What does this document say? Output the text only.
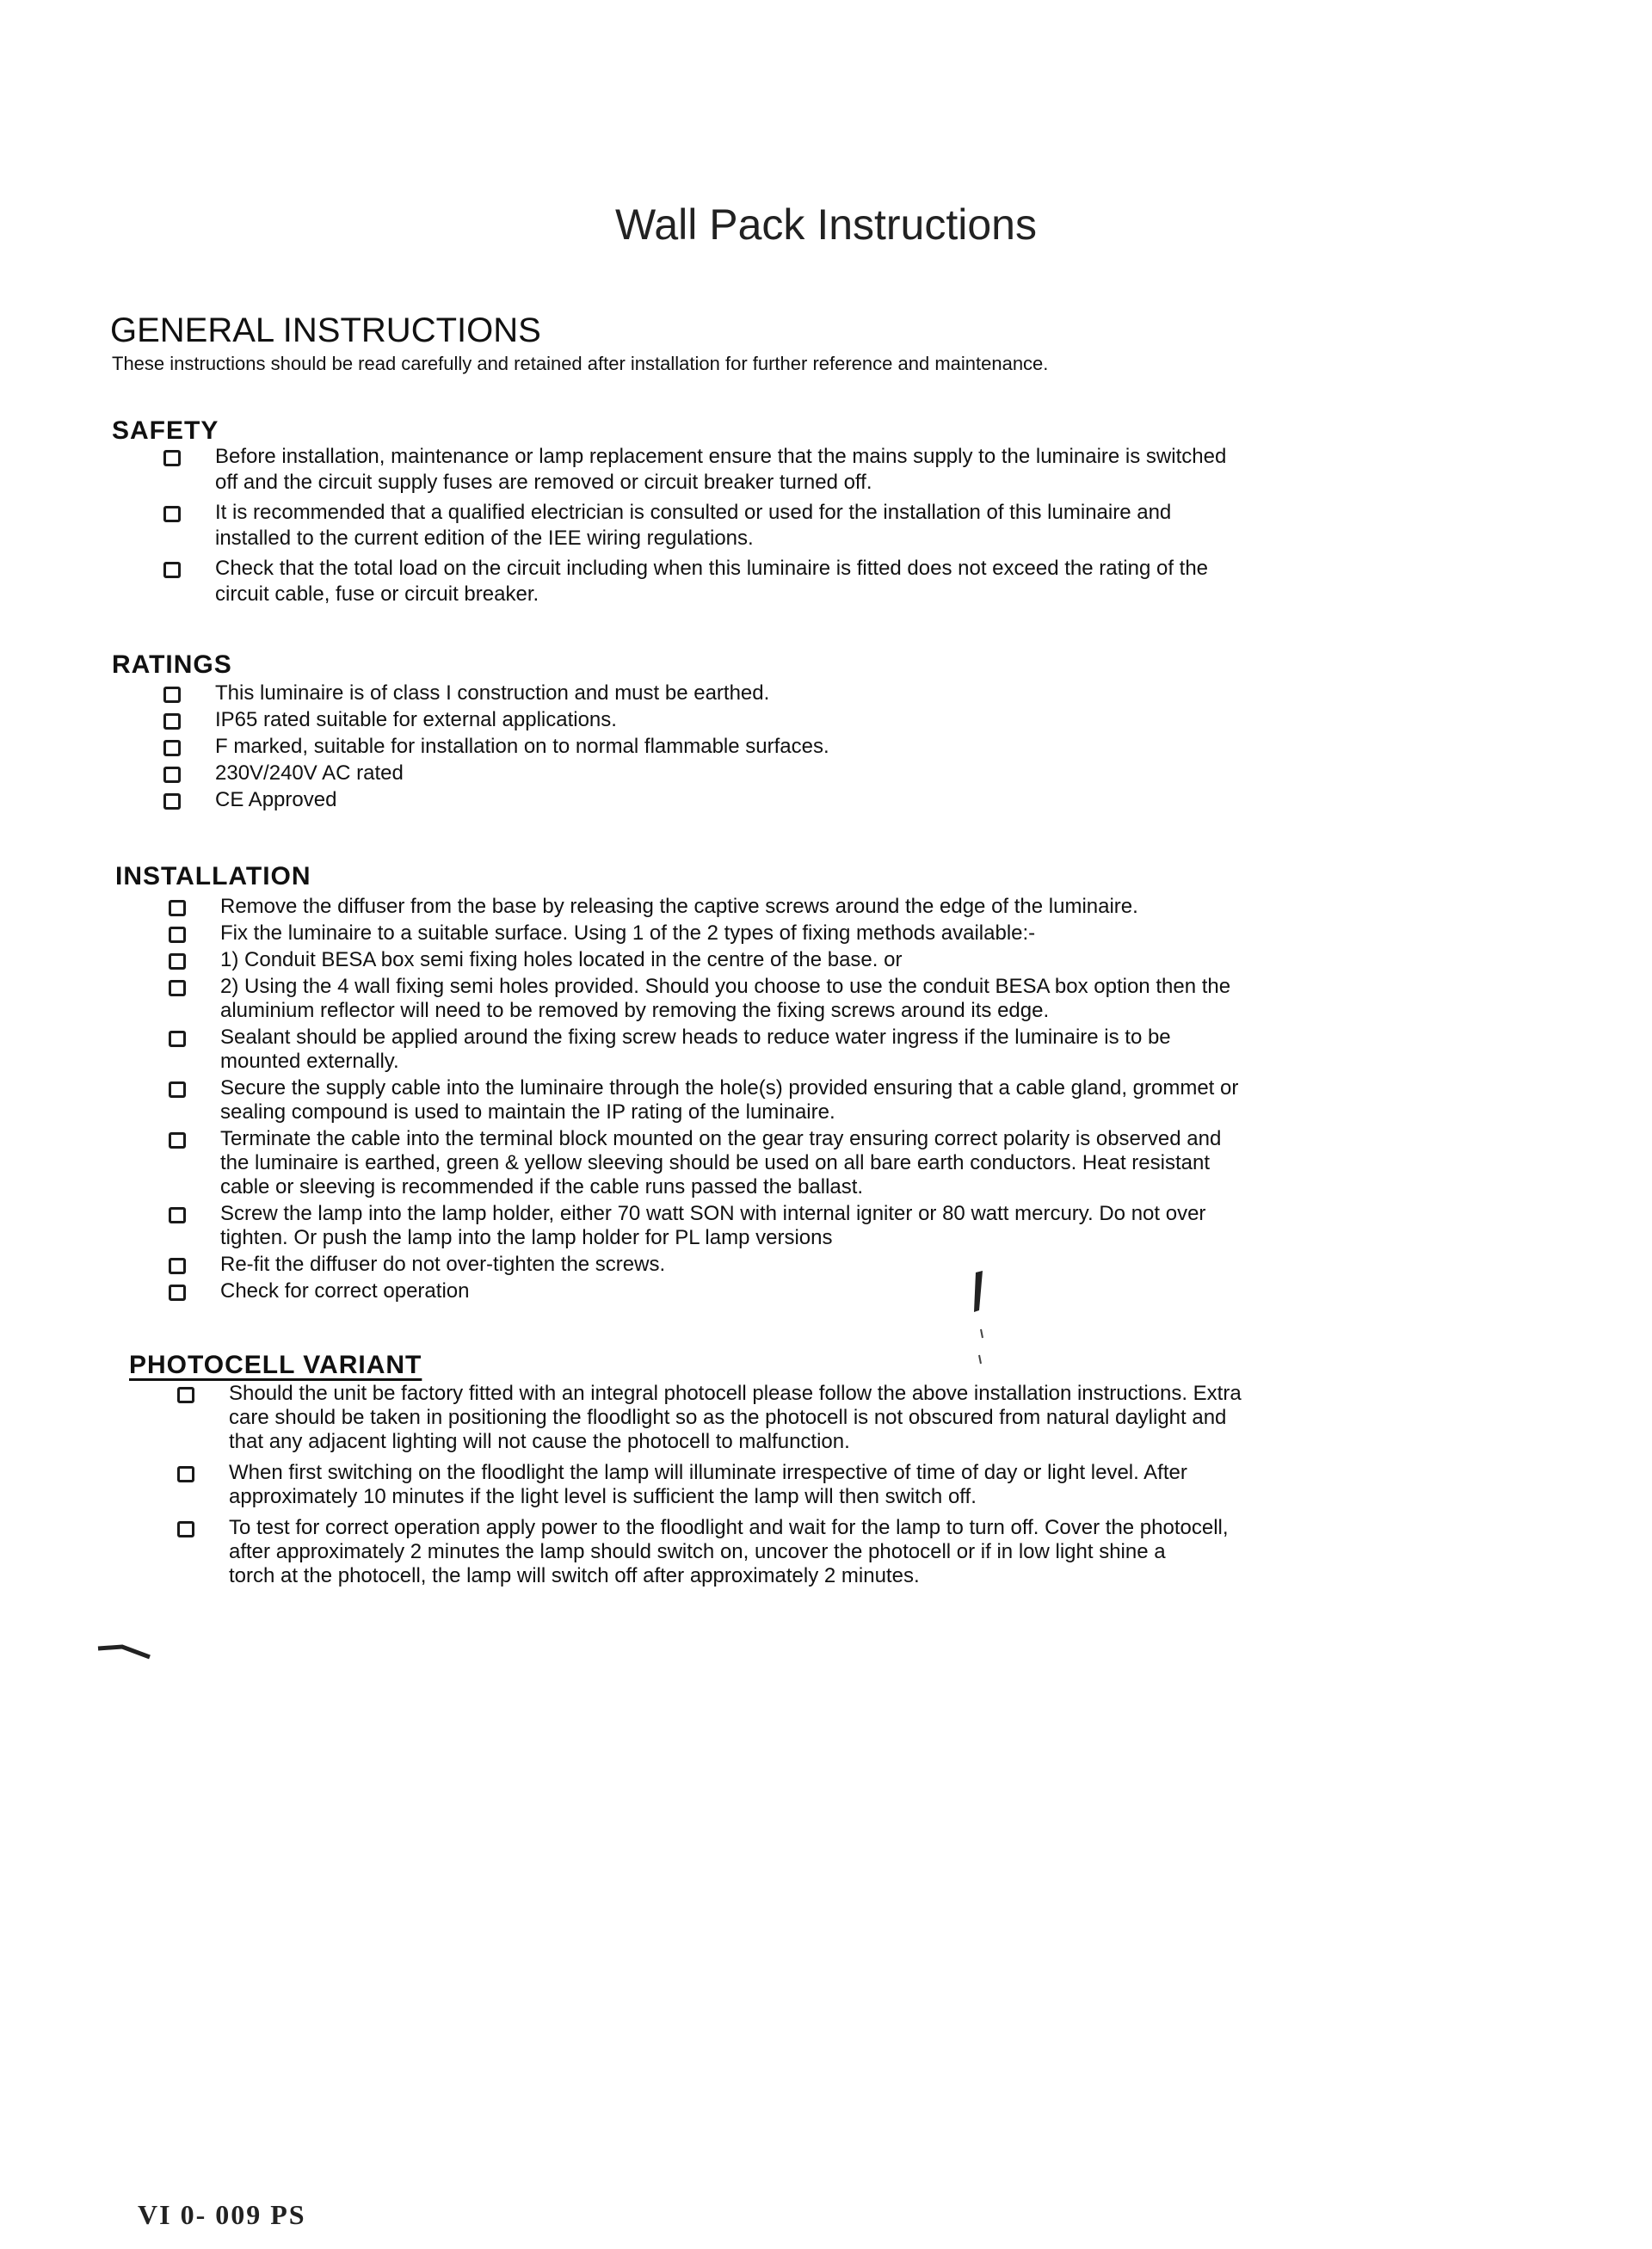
Wall Pack Instructions
GENERAL INSTRUCTIONS

These instructions should be read carefully and retained after installation for further reference and maintenance.

SAFETY
Before installation, maintenance or lamp replacement ensure that the mains supply to the luminaire is switched
off and the circuit supply fuses are removed or circuit breaker turned off.
It is recommended that a qualified electrician is consulted or used for the installation of this luminaire and
installed to the current edition of the IEE wiring regulations.
Check that the total load on the circuit including when this luminaire is fitted does not exceed the rating of the
circuit cable, fuse or circuit breaker.
RATINGS
This luminaire is of class I construction and must be earthed.
IP65 rated suitable for external applications.
F marked, suitable for installation on to normal flammable surfaces.
230V/240V AC rated
CE Approved
INSTALLATION
Remove the diffuser from the base by releasing the captive screws around the edge of the luminaire.
Fix the luminaire to a suitable surface. Using 1 of the 2 types of fixing methods available:-
1) Conduit BESA box semi fixing holes located in the centre of the base. or
2) Using the 4 wall fixing semi holes provided. Should you choose to use the conduit BESA box option then the
aluminium reflector will need to be removed by removing the fixing screws around its edge.
Sealant should be applied around the fixing screw heads to reduce water ingress if the luminaire is to be
mounted externally.
Secure the supply cable into the luminaire through the hole(s) provided ensuring that a cable gland, grommet or
sealing compound is used to maintain the IP rating of the luminaire.
Terminate the cable into the terminal block mounted on the gear tray ensuring correct polarity is observed and
the luminaire is earthed, green & yellow sleeving should be used on all bare earth conductors. Heat resistant
cable or sleeving is recommended if the cable runs passed the ballast.
Screw the lamp into the lamp holder, either 70 watt SON with internal igniter or 80 watt mercury. Do not over
tighten. Or push the lamp into the lamp holder for PL lamp versions
Re-fit the diffuser do not over-tighten the screws.
Check for correct operation
PHOTOCELL VARIANT
Should the unit be factory fitted with an integral photocell please follow the above installation instructions. Extra
care should be taken in positioning the floodlight so as the photocell is not obscured from natural daylight and
that any adjacent lighting will not cause the photocell to malfunction.
When first switching on the floodlight the lamp will illuminate irrespective of time of day or light level. After
approximately 10 minutes if the light level is sufficient the lamp will then switch off.
To test for correct operation apply power to the floodlight and wait for the lamp to turn off. Cover the photocell,
after approximately 2 minutes the lamp should switch on, uncover the photocell or if in low light shine a
torch at the photocell, the lamp will switch off after approximately 2 minutes.
VI 0- 009 PS
